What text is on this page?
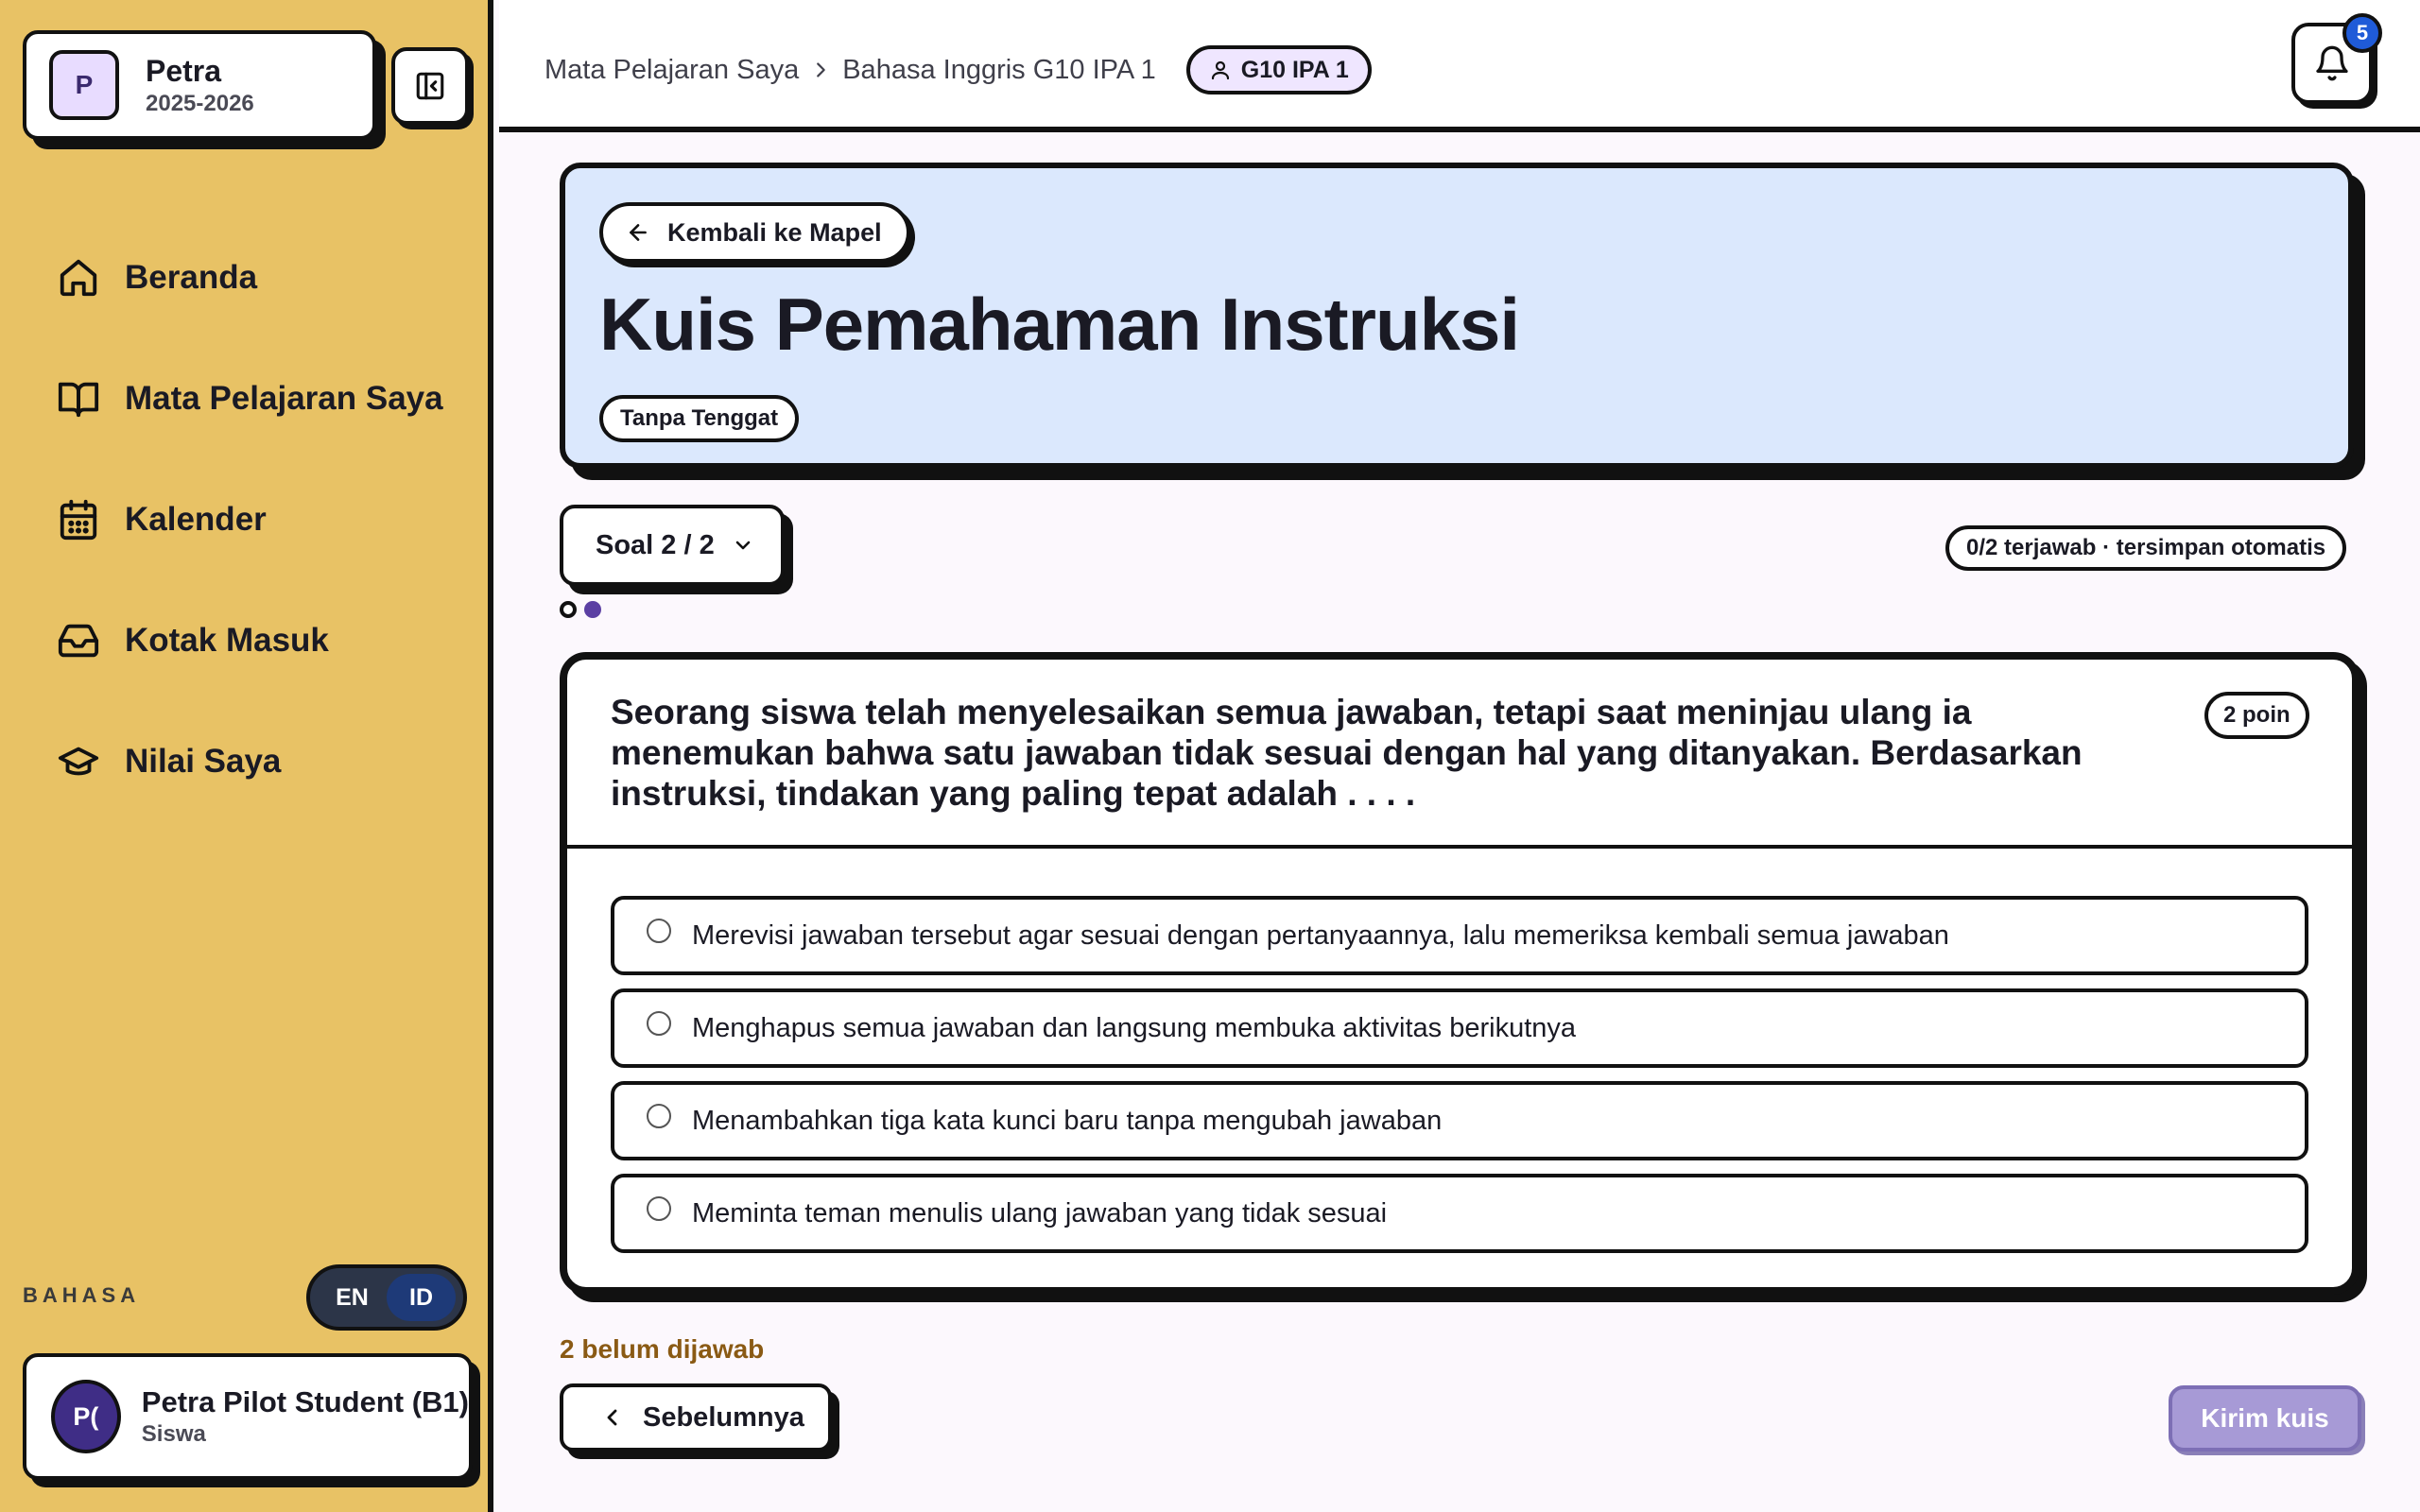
P	Petra
2025-2026
Beranda
Mata Pelajaran Saya
Kalender
Kotak Masuk
Nilai Saya
BAHASA	EN	ID
P(	Petra Pilot Student (B1)
Siswa
Mata Pelajaran Saya Bahasa Inggris G10 IPA 1	G10 IPA 1
5
Kembali ke Mapel
Kuis Pemahaman Instruksi
Tanpa Tenggat
Soal 2 / 2	0/2 terjawab · tersimpan otomatis

Seorang siswa telah menyelesaikan semua jawaban, tetapi saat meninjau ulang ia menemukan bahwa satu jawaban tidak sesuai dengan hal yang ditanyakan. Berdasarkan instruksi, tindakan yang paling tepat adalah . . . .

2 poin
Merevisi jawaban tersebut agar sesuai dengan pertanyaannya, lalu memeriksa kembali semua jawaban
Menghapus semua jawaban dan langsung membuka aktivitas berikutnya
Menambahkan tiga kata kunci baru tanpa mengubah jawaban
Meminta teman menulis ulang jawaban yang tidak sesuai
2 belum dijawab
Sebelumnya	Kirim kuis
